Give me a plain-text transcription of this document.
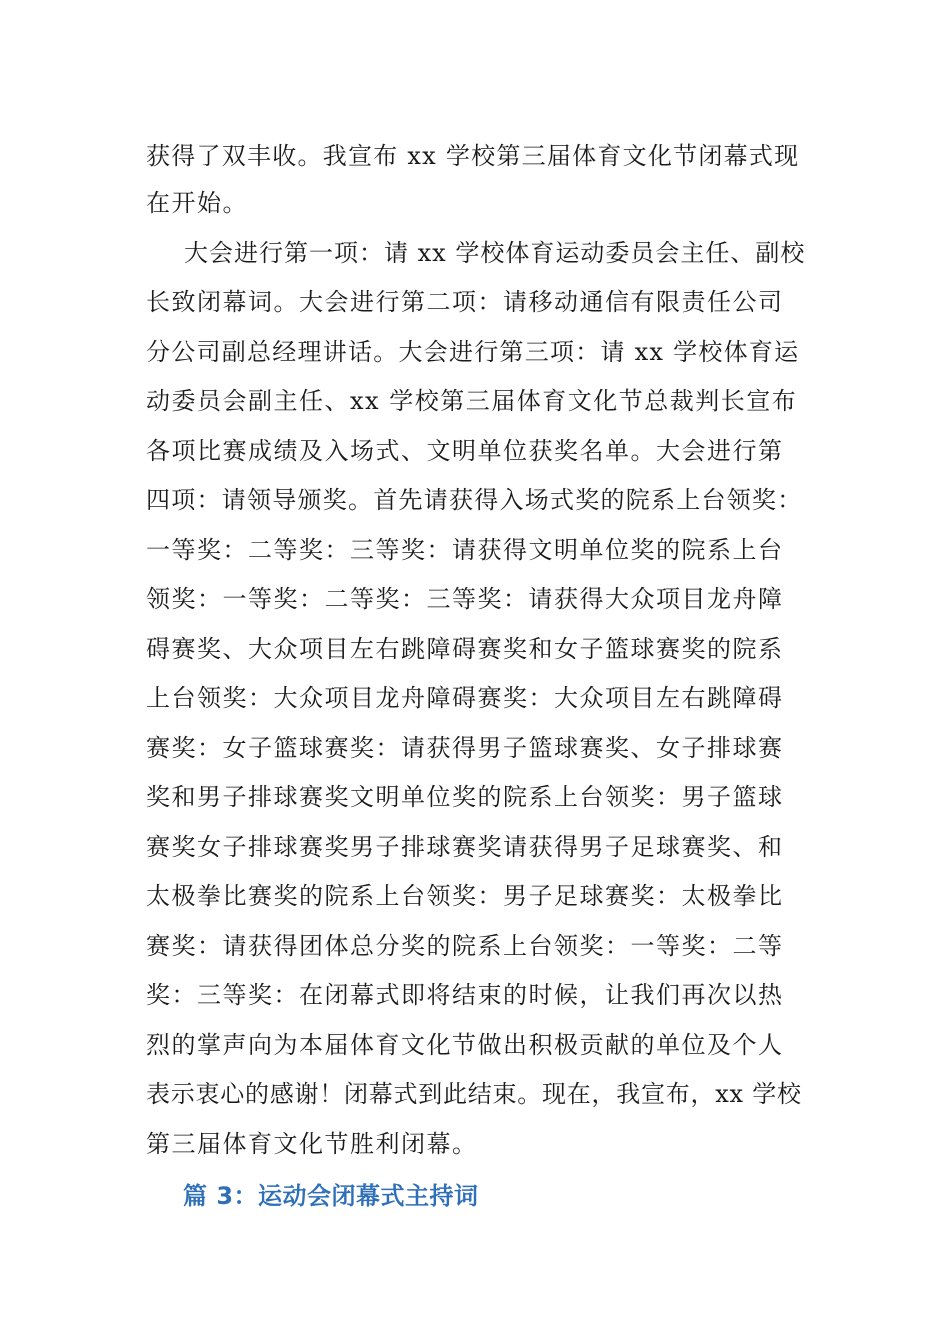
获得了双丰收。我宣布 xx 学校第三届体育文化节闭幕式现
在开始。
大会进行第一项：请 xx 学校体育运动委员会主任、副校
长致闭幕词。大会进行第二项：请移动通信有限责任公司
分公司副总经理讲话。大会进行第三项：请 xx 学校体育运
动委员会副主任、xx 学校第三届体育文化节总裁判长宣布
各项比赛成绩及入场式、文明单位获奖名单。大会进行第
四项：请领导颁奖。首先请获得入场式奖的院系上台领奖：
一等奖：二等奖：三等奖：请获得文明单位奖的院系上台
领奖：一等奖：二等奖：三等奖：请获得大众项目龙舟障
碍赛奖、大众项目左右跳障碍赛奖和女子篮球赛奖的院系
上台领奖：大众项目龙舟障碍赛奖：大众项目左右跳障碍
赛奖：女子篮球赛奖：请获得男子篮球赛奖、女子排球赛
奖和男子排球赛奖文明单位奖的院系上台领奖：男子篮球
赛奖女子排球赛奖男子排球赛奖请获得男子足球赛奖、和
太极拳比赛奖的院系上台领奖：男子足球赛奖：太极拳比
赛奖：请获得团体总分奖的院系上台领奖：一等奖：二等
奖：三等奖：在闭幕式即将结束的时候，让我们再次以热
烈的掌声向为本届体育文化节做出积极贡献的单位及个人
表示衷心的感谢！闭幕式到此结束。现在，我宣布，xx 学校
第三届体育文化节胜利闭幕。
篇 3：运动会闭幕式主持词
